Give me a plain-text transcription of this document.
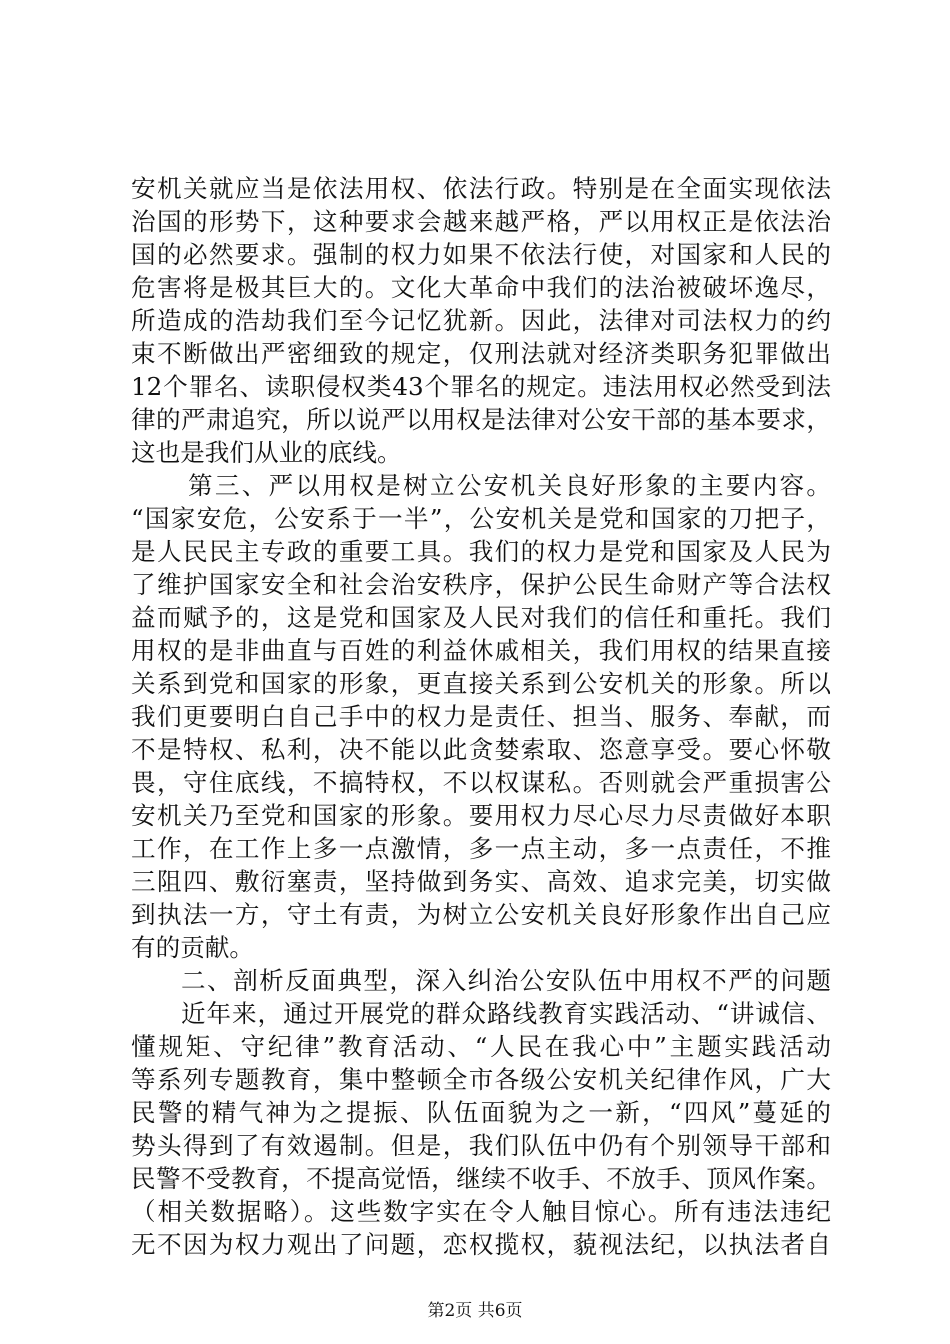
安机关就应当是依法用权、依法行政。特别是在全面实现依法
治国的形势下，这种要求会越来越严格，严以用权正是依法治
国的必然要求。强制的权力如果不依法行使，对国家和人民的
危害将是极其巨大的。文化大革命中我们的法治被破坏逸尽，
所造成的浩劫我们至今记忆犹新。因此，法律对司法权力的约
束不断做出严密细致的规定，仅刑法就对经济类职务犯罪做出
12个罪名、读职侵权类43个罪名的规定。违法用权必然受到法
律的严肃追究，所以说严以用权是法律对公安干部的基本要求，
这也是我们从业的底线。
第三、严以用权是树立公安机关良好形象的主要内容。
“国家安危，公安系于一半”，公安机关是党和国家的刀把子，
是人民民主专政的重要工具。我们的权力是党和国家及人民为
了维护国家安全和社会治安秩序，保护公民生命财产等合法权
益而赋予的，这是党和国家及人民对我们的信任和重托。我们
用权的是非曲直与百姓的利益休戚相关，我们用权的结果直接
关系到党和国家的形象，更直接关系到公安机关的形象。所以
我们更要明白自己手中的权力是责任、担当、服务、奉献，而
不是特权、私利，决不能以此贪婪索取、恣意享受。要心怀敬
畏，守住底线，不搞特权，不以权谋私。否则就会严重损害公
安机关乃至党和国家的形象。要用权力尽心尽力尽责做好本职
工作，在工作上多一点激情，多一点主动，多一点责任，不推
三阻四、敷衍塞责，坚持做到务实、高效、追求完美，切实做
到执法一方，守土有责，为树立公安机关良好形象作出自己应
有的贡献。
二、剖析反面典型，深入纠治公安队伍中用权不严的问题
近年来，通过开展党的群众路线教育实践活动、“讲诚信、
懂规矩、守纪律”教育活动、“人民在我心中”主题实践活动
等系列专题教育，集中整顿全市各级公安机关纪律作风，广大
民警的精气神为之提振、队伍面貌为之一新，“四风”蔓延的
势头得到了有效遏制。但是，我们队伍中仍有个别领导干部和
民警不受教育，不提高觉悟，继续不收手、不放手、顶风作案。
（相关数据略）。这些数字实在令人触目惊心。所有违法违纪
无不因为权力观出了问题，恋权揽权，藐视法纪，以执法者自
第2页 共6页
